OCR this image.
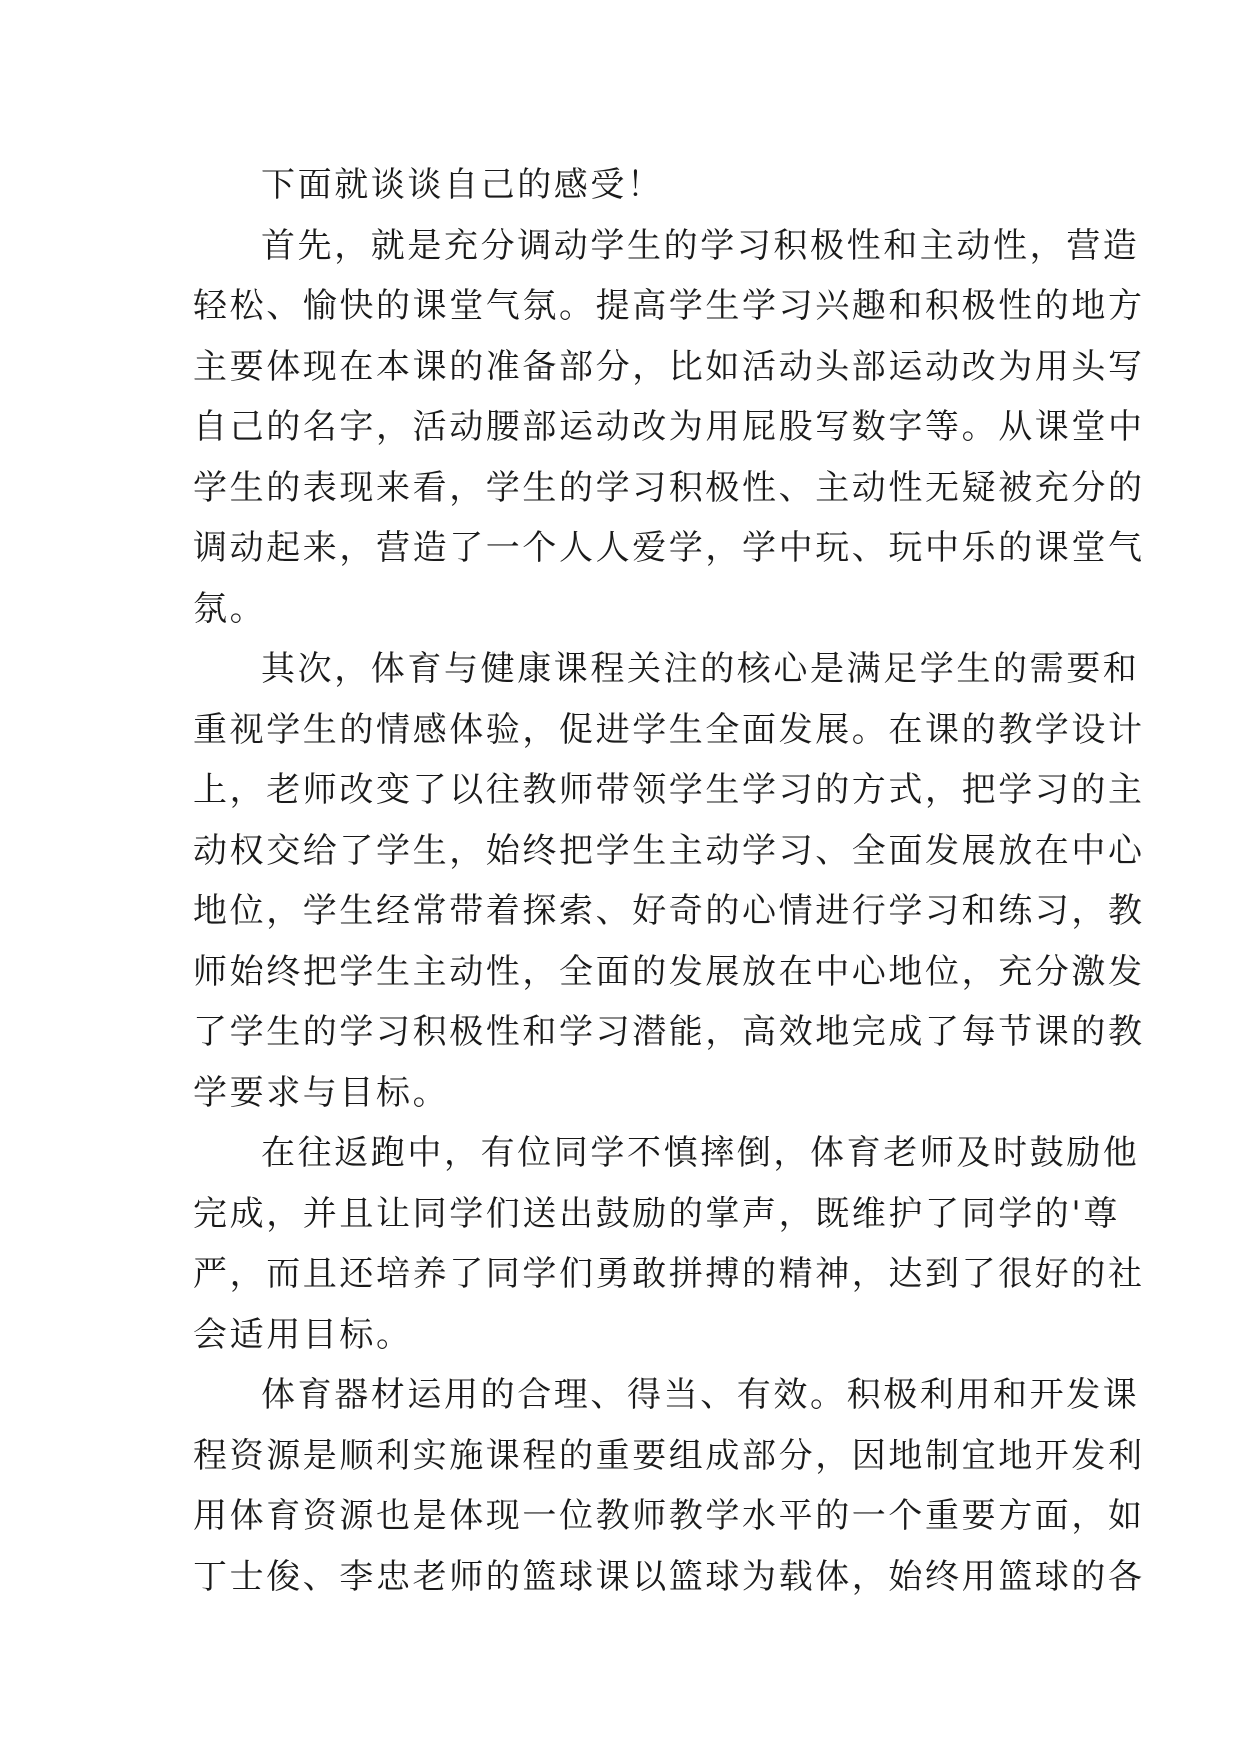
下面就谈谈自己的感受！
首先，就是充分调动学生的学习积极性和主动性，营造
轻松、愉快的课堂气氛。提高学生学习兴趣和积极性的地方
主要体现在本课的准备部分，比如活动头部运动改为用头写
自己的名字，活动腰部运动改为用屁股写数字等。从课堂中
学生的表现来看，学生的学习积极性、主动性无疑被充分的
调动起来，营造了一个人人爱学，学中玩、玩中乐的课堂气
氛。
其次，体育与健康课程关注的核心是满足学生的需要和
重视学生的情感体验，促进学生全面发展。在课的教学设计
上，老师改变了以往教师带领学生学习的方式，把学习的主
动权交给了学生，始终把学生主动学习、全面发展放在中心
地位，学生经常带着探索、好奇的心情进行学习和练习，教
师始终把学生主动性，全面的发展放在中心地位，充分激发
了学生的学习积极性和学习潜能，高效地完成了每节课的教
学要求与目标。
在往返跑中，有位同学不慎摔倒，体育老师及时鼓励他
完成，并且让同学们送出鼓励的掌声，既维护了同学的'尊
严，而且还培养了同学们勇敢拼搏的精神，达到了很好的社
会适用目标。
体育器材运用的合理、得当、有效。积极利用和开发课
程资源是顺利实施课程的重要组成部分，因地制宜地开发利
用体育资源也是体现一位教师教学水平的一个重要方面，如
丁士俊、李忠老师的篮球课以篮球为载体，始终用篮球的各
